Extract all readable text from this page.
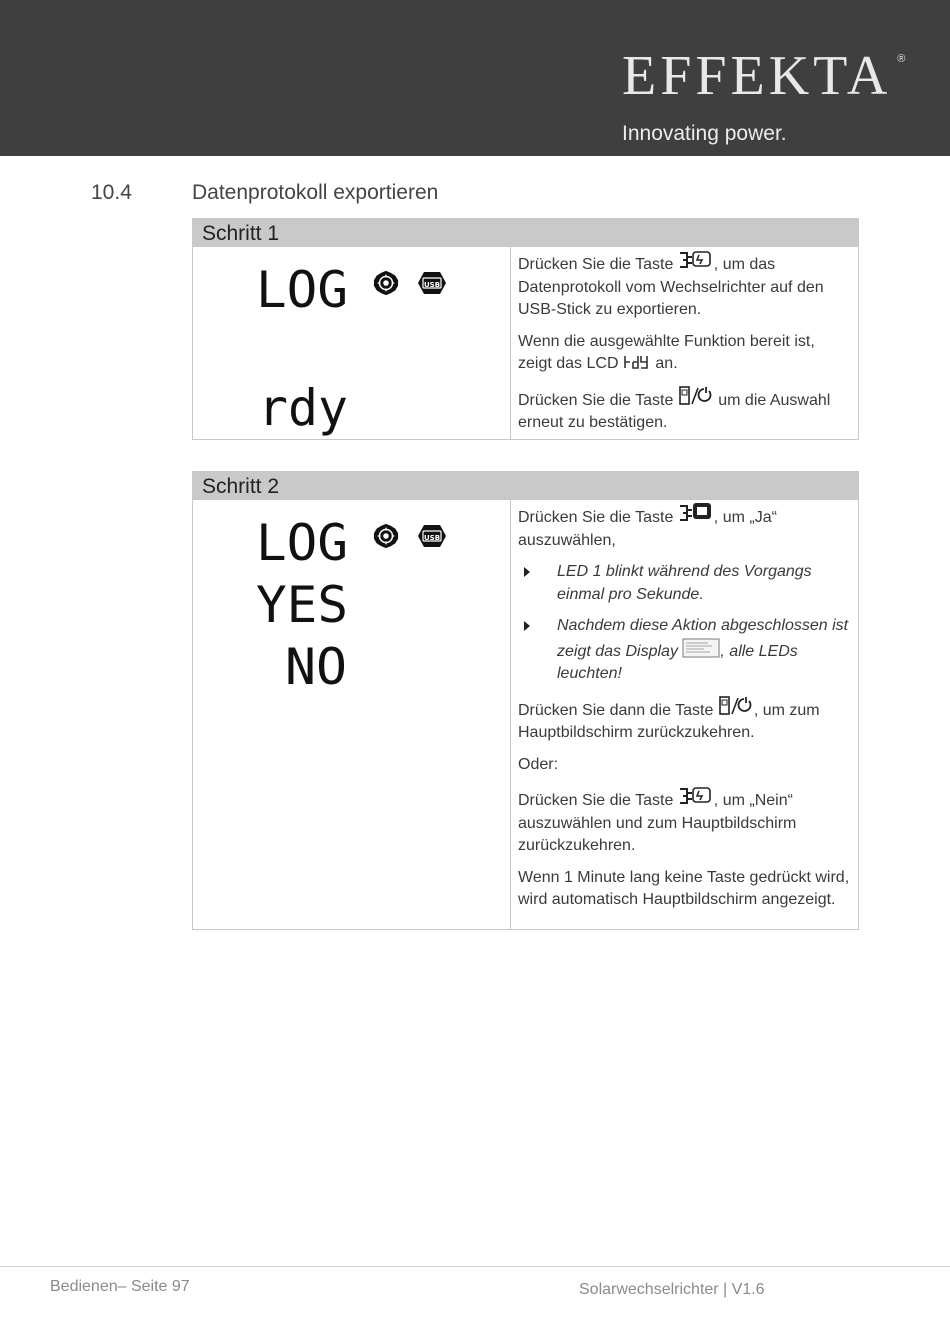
EFFEKTA ®
Innovating power.
10.4	Datenprotokoll exportieren
Schritt 1
LOG	USB
rdy

Drücken Sie die Taste	, um das Datenprotokoll vom Wechselrichter auf den USB-Stick zu exportieren.

Wenn die ausgewählte Funktion bereit ist, zeigt das LCD an.

Drücken Sie die Taste	um die Auswahl erneut zu bestätigen.

Schritt 2
LOG	USB
YES
NO

Drücken Sie die Taste	, um „Ja“ auszuwählen,

LED 1 blinkt während des Vorgangs einmal pro Sekunde.
Nachdem diese Aktion abgeschlossen ist zeigt das Display	, alle LEDs leuchten!

Drücken Sie dann die Taste	, um zum Hauptbildschirm zurückzukehren.

Oder:

Drücken Sie die Taste	, um „Nein“ auszuwählen und zum Hauptbildschirm zurückzukehren.

Wenn 1 Minute lang keine Taste gedrückt wird, wird automatisch Hauptbildschirm angezeigt.

Bedienen– Seite 97	Solarwechselrichter | V1.6
